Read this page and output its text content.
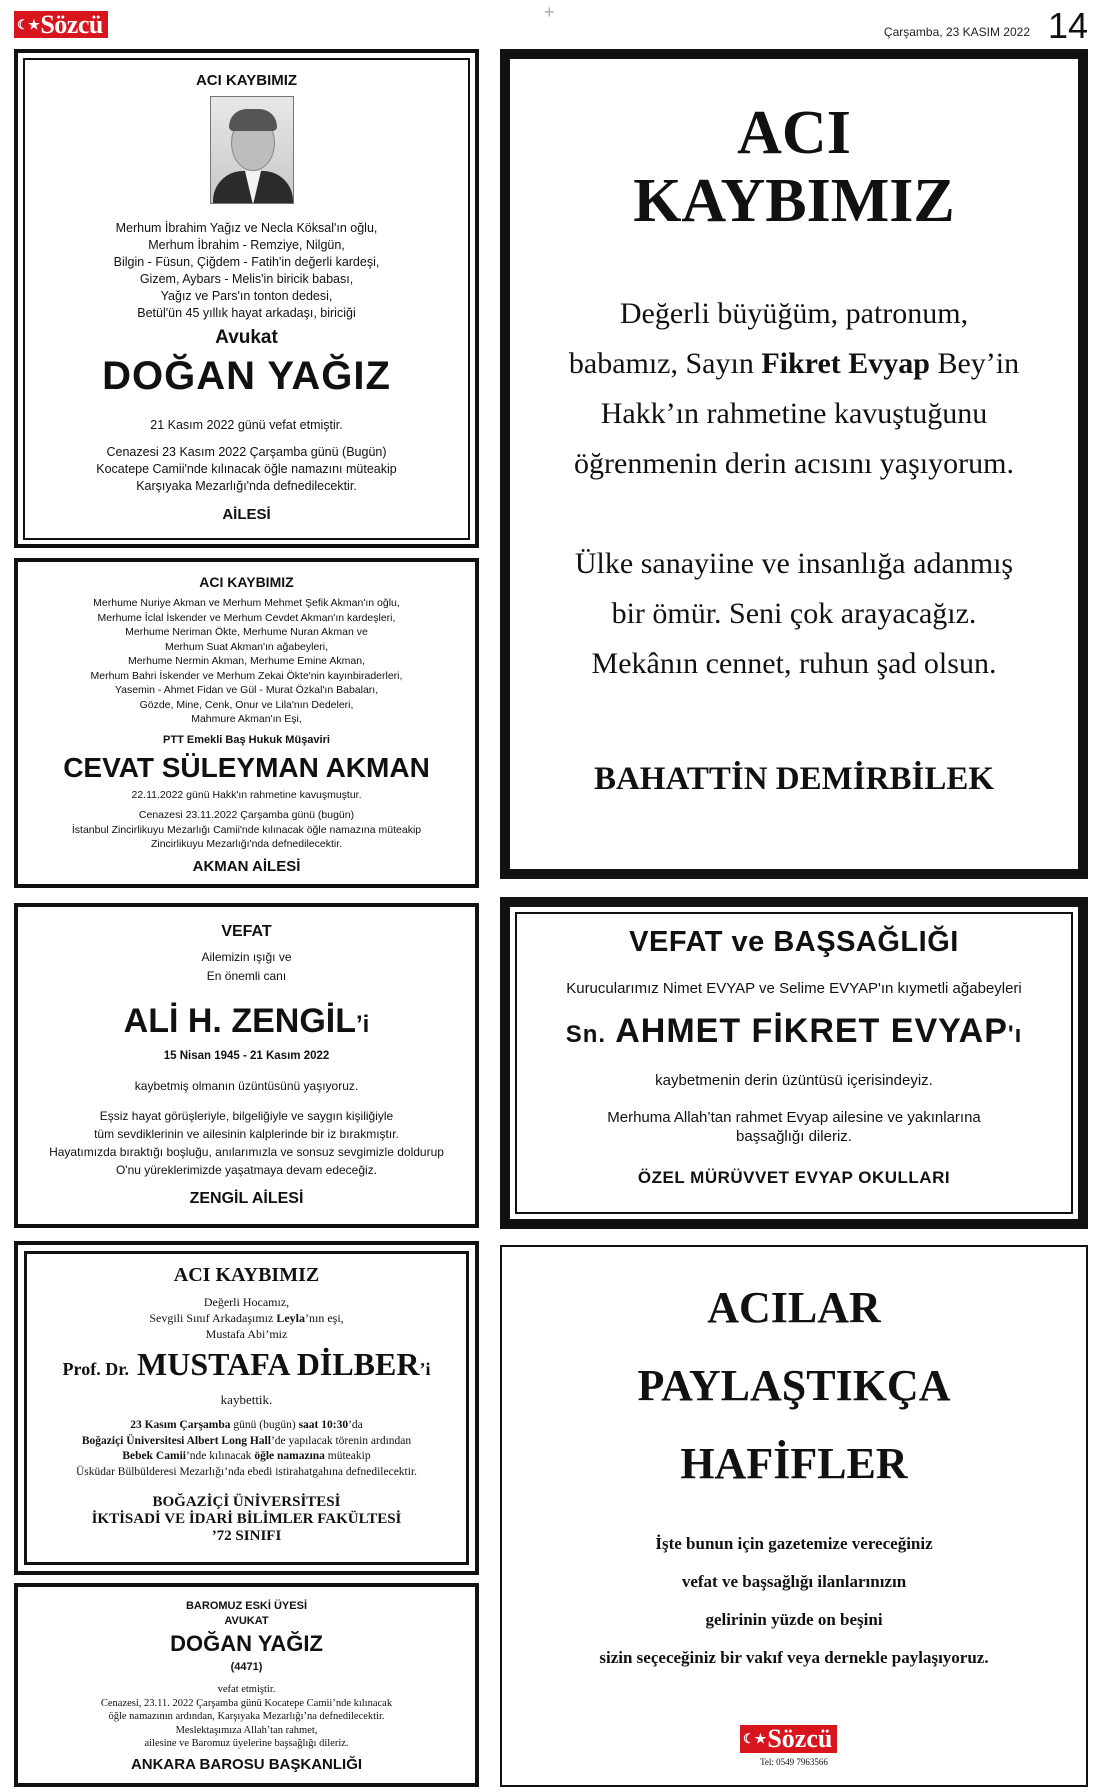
☾★Sözcü	+
Çarşamba, 23 KASIM 2022 14
ACI KAYBIMIZ
Merhum İbrahim Yağız ve Necla Köksal'ın oğlu,
Merhum İbrahim - Remziye, Nilgün,
Bilgin - Füsun, Çiğdem - Fatih'in değerli kardeşi,
Gizem, Aybars - Melis'in biricik babası,
Yağız ve Pars'ın tonton dedesi,
Betül'ün 45 yıllık hayat arkadaşı, biriciği
Avukat
DOĞAN YAĞIZ
21 Kasım 2022 günü vefat etmiştir.
Cenazesi 23 Kasım 2022 Çarşamba günü (Bugün)
Kocatepe Camii'nde kılınacak öğle namazını müteakip
Karşıyaka Mezarlığı'nda defnedilecektir.
AİLESİ
ACI KAYBIMIZ
Merhume Nuriye Akman ve Merhum Mehmet Şefik Akman'ın oğlu,
Merhume İclal İskender ve Merhum Cevdet Akman'ın kardeşleri,
Merhume Neriman Ökte, Merhume Nuran Akman ve
Merhum Suat Akman'ın ağabeyleri,
Merhume Nermin Akman, Merhume Emine Akman,
Merhum Bahri İskender ve Merhum Zekai Ökte'nin kayınbiraderleri,
Yasemin - Ahmet Fidan ve Gül - Murat Özkal'ın Babaları,
Gözde, Mine, Cenk, Onur ve Lila'nın Dedeleri,
Mahmure Akman'ın Eşi,
PTT Emekli Baş Hukuk Müşaviri
CEVAT SÜLEYMAN AKMAN
22.11.2022 günü Hakk'ın rahmetine kavuşmuştur.
Cenazesi 23.11.2022 Çarşamba günü (bugün)
İstanbul Zincirlikuyu Mezarlığı Camii'nde kılınacak öğle namazına müteakip
Zincirlikuyu Mezarlığı'nda defnedilecektir.
AKMAN AİLESİ
VEFAT
Ailemizin ışığı ve
En önemli canı
ALİ H. ZENGİL’i
15 Nisan 1945 - 21 Kasım 2022
kaybetmiş olmanın üzüntüsünü yaşıyoruz.
Eşsiz hayat görüşleriyle, bilgeliğiyle ve saygın kişiliğiyle
tüm sevdiklerinin ve ailesinin kalplerinde bir iz bırakmıştır.
Hayatımızda bıraktığı boşluğu, anılarımızla ve sonsuz sevgimizle doldurup
O'nu yüreklerimizde yaşatmaya devam edeceğiz.
ZENGİL AİLESİ
ACI KAYBIMIZ
Değerli Hocamız,
Sevgili Sınıf Arkadaşımız Leyla’nın eşi,
Mustafa Abi’miz
Prof. Dr. MUSTAFA DİLBER’i
kaybettik.
23 Kasım Çarşamba günü (bugün) saat 10:30’da
Boğaziçi Üniversitesi Albert Long Hall’de yapılacak törenin ardından
Bebek Camii’nde kılınacak öğle namazına müteakip
Üsküdar Bülbülderesi Mezarlığı’nda ebedi istirahatgahına defnedilecektir.
BOĞAZİÇİ ÜNİVERSİTESİ
İKTİSADİ VE İDARİ BİLİMLER FAKÜLTESİ
’72 SINIFI
BAROMUZ ESKİ ÜYESİ
AVUKAT
DOĞAN YAĞIZ
(4471)
vefat etmiştir.
Cenazesi, 23.11. 2022 Çarşamba günü Kocatepe Camii’nde kılınacak
öğle namazının ardından, Karşıyaka Mezarlığı’na defnedilecektir.
Meslektaşımıza Allah’tan rahmet,
ailesine ve Baromuz üyelerine başsağlığı dileriz.
ANKARA BAROSU BAŞKANLIĞI
ACI
KAYBIMIZ
Değerli büyüğüm, patronum,
babamız, Sayın Fikret Evyap Bey’in
Hakk’ın rahmetine kavuştuğunu
öğrenmenin derin acısını yaşıyorum.
Ülke sanayiine ve insanlığa adanmış
bir ömür. Seni çok arayacağız.
Mekânın cennet, ruhun şad olsun.
BAHATTİN DEMİRBİLEK
VEFAT ve BAŞSAĞLIĞI
Kurucularımız Nimet EVYAP ve Selime EVYAP'ın kıymetli ağabeyleri
Sn. AHMET FİKRET EVYAP'ı
kaybetmenin derin üzüntüsü içerisindeyiz.
Merhuma Allah’tan rahmet Evyap ailesine ve yakınlarına
başsağlığı dileriz.
ÖZEL MÜRÜVVET EVYAP OKULLARI
ACILAR
PAYLAŞTIKÇA
HAFİFLER
İşte bunun için gazetemize vereceğiniz
vefat ve başsağlığı ilanlarınızın
gelirinin yüzde on beşini
sizin seçeceğiniz bir vakıf veya dernekle paylaşıyoruz.
☾★Sözcü
Tel: 0549 7963566
